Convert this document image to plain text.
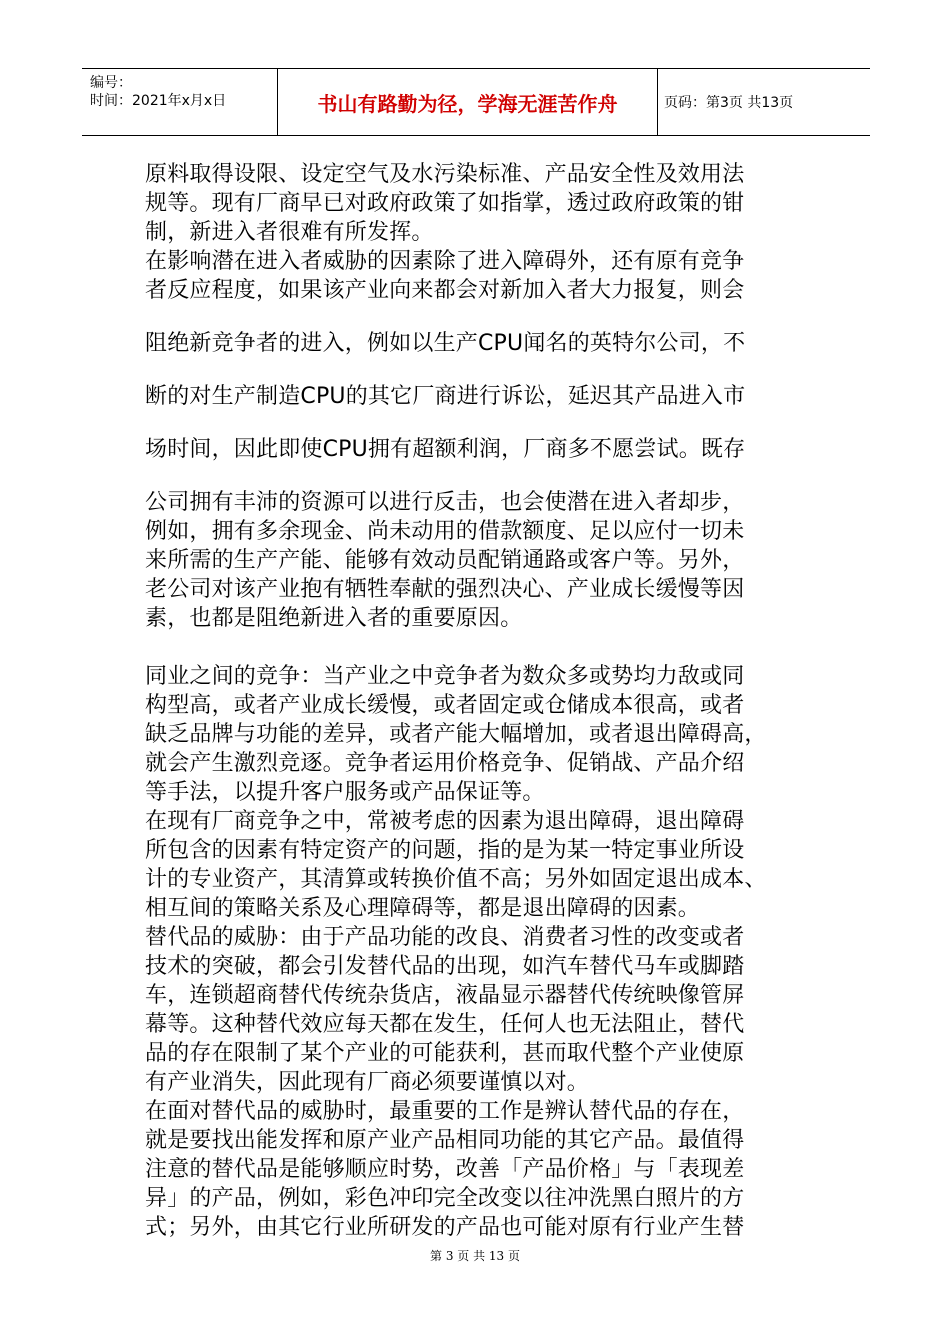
编号：
时间：2021年x月x日	书山有路勤为径，学海无涯苦作舟	页码：第3页 共13页
原料取得设限、设定空气及水污染标准、产品安全性及效用法
规等。现有厂商早已对政府政策了如指掌，透过政府政策的钳
制，新进入者很难有所发挥。
在影响潜在进入者威胁的因素除了进入障碍外，还有原有竞争
者反应程度，如果该产业向来都会对新加入者大力报复，则会
阻绝新竞争者的进入，例如以生产CPU闻名的英特尔公司，不
断的对生产制造CPU的其它厂商进行诉讼，延迟其产品进入市
场时间，因此即使CPU拥有超额利润，厂商多不愿尝试。既存
公司拥有丰沛的资源可以进行反击，也会使潜在进入者却步，
例如，拥有多余现金、尚未动用的借款额度、足以应付一切未
来所需的生产产能、能够有效动员配销通路或客户等。另外，
老公司对该产业抱有牺牲奉献的强烈决心、产业成长缓慢等因
素，也都是阻绝新进入者的重要原因。
同业之间的竞争：当产业之中竞争者为数众多或势均力敌或同
构型高，或者产业成长缓慢，或者固定或仓储成本很高，或者
缺乏品牌与功能的差异，或者产能大幅增加，或者退出障碍高，
就会产生激烈竞逐。竞争者运用价格竞争、促销战、产品介绍
等手法，以提升客户服务或产品保证等。
在现有厂商竞争之中，常被考虑的因素为退出障碍，退出障碍
所包含的因素有特定资产的问题，指的是为某一特定事业所设
计的专业资产，其清算或转换价值不高；另外如固定退出成本、
相互间的策略关系及心理障碍等，都是退出障碍的因素。
替代品的威胁：由于产品功能的改良、消费者习性的改变或者
技术的突破，都会引发替代品的出现，如汽车替代马车或脚踏
车，连锁超商替代传统杂货店，液晶显示器替代传统映像管屏
幕等。这种替代效应每天都在发生，任何人也无法阻止，替代
品的存在限制了某个产业的可能获利，甚而取代整个产业使原
有产业消失，因此现有厂商必须要谨慎以对。
在面对替代品的威胁时，最重要的工作是辨认替代品的存在，
就是要找出能发挥和原产业产品相同功能的其它产品。最值得
注意的替代品是能够顺应时势，改善「产品价格」与「表现差
异」的产品，例如，彩色冲印完全改变以往冲洗黑白照片的方
式；另外，由其它行业所研发的产品也可能对原有行业产生替
第 3 页 共 13 页
